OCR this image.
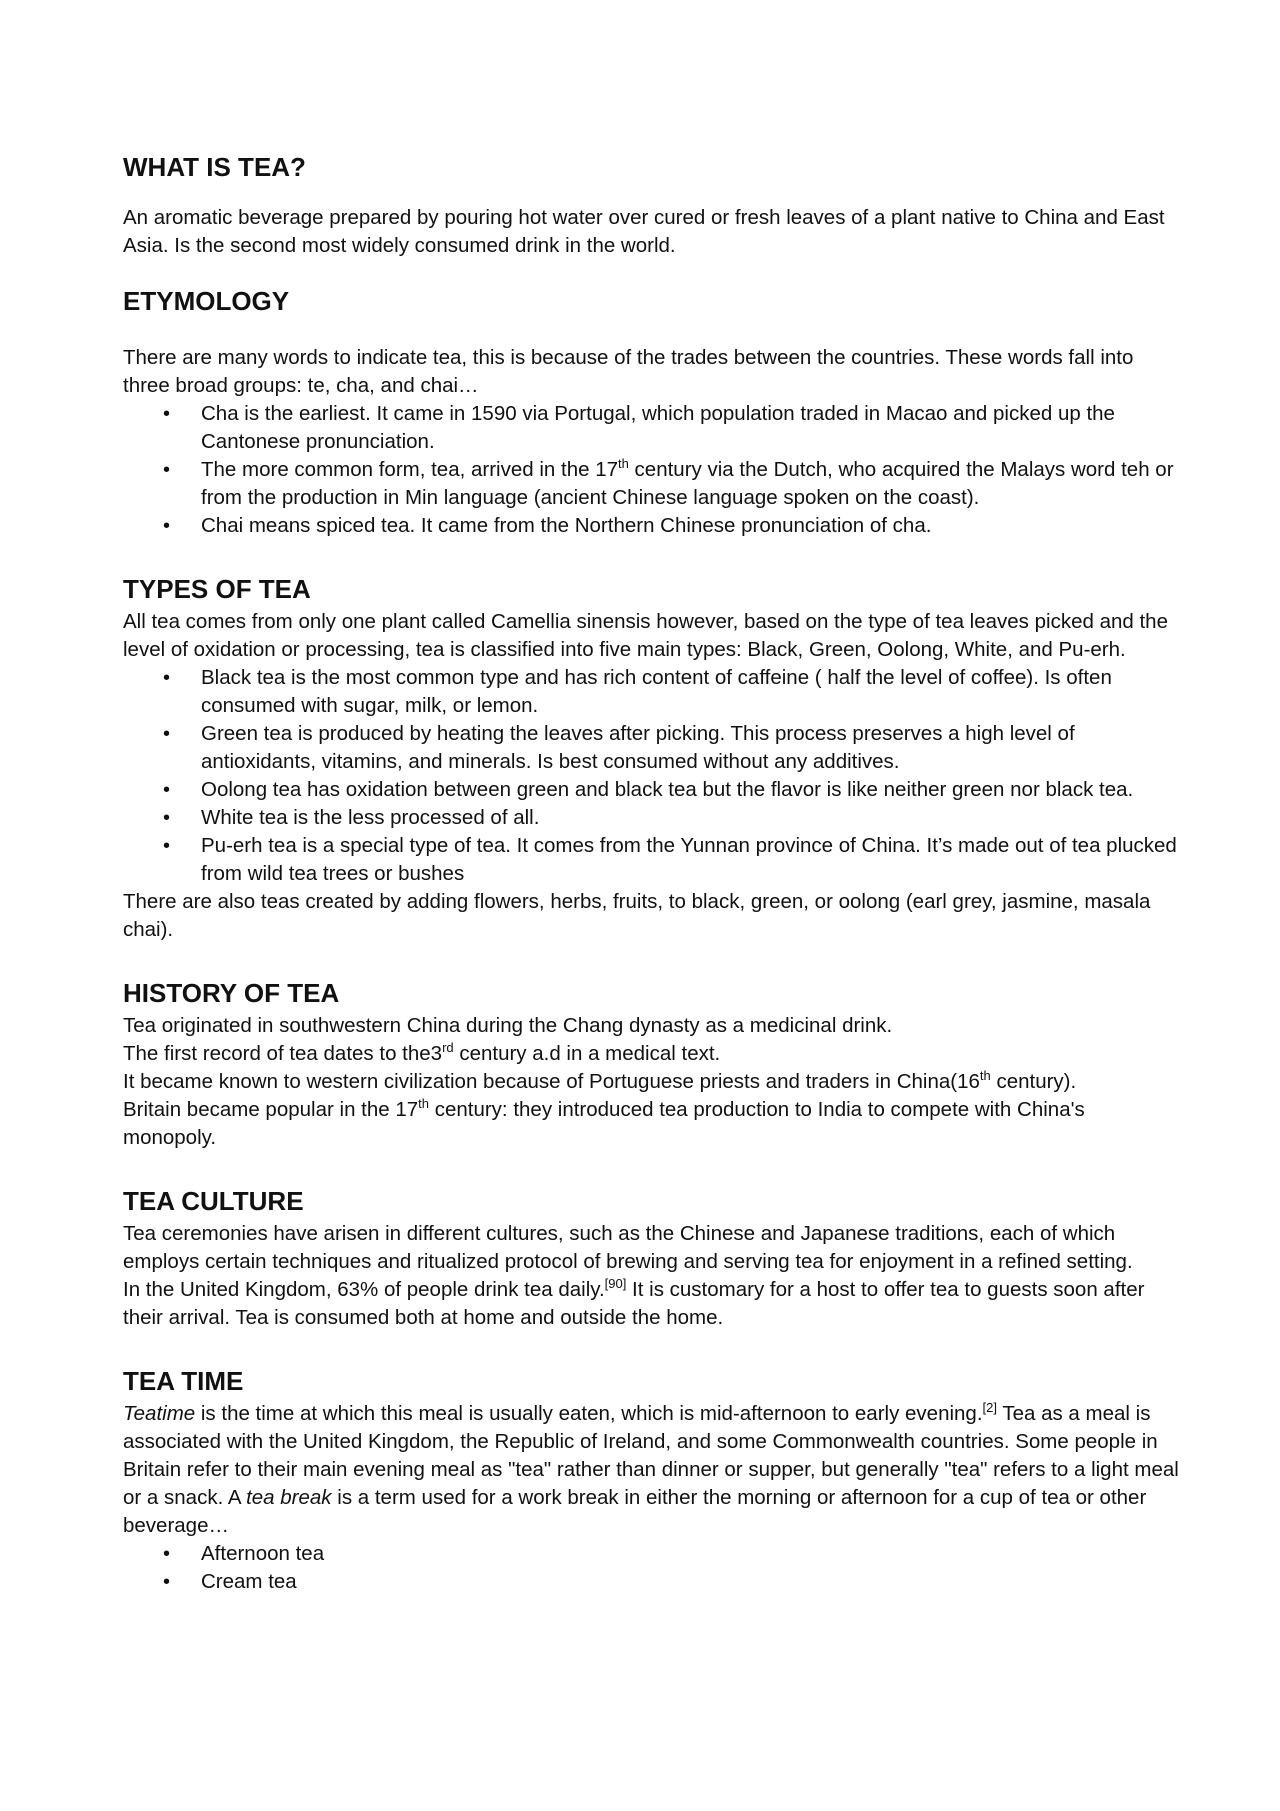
WHAT IS TEA?

An aromatic beverage prepared by pouring hot water over cured or fresh leaves of a plant native to China and East Asia. Is the second most widely consumed drink in the world.

ETYMOLOGY

There are many words to indicate tea, this is because of the trades between the countries. These words fall into three broad groups: te, cha, and chai…

• Cha is the earliest. It came in 1590 via Portugal, which population traded in Macao and picked up the Cantonese pronunciation.
• The more common form, tea, arrived in the 17th century via the Dutch, who acquired the Malays word teh or from the production in Min language (ancient Chinese language spoken on the coast).
• Chai means spiced tea. It came from the Northern Chinese pronunciation of cha.
TYPES OF TEA

All tea comes from only one plant called Camellia sinensis however, based on the type of tea leaves picked and the level of oxidation or processing, tea is classified into five main types: Black, Green, Oolong, White, and Pu-erh.

• Black tea is the most common type and has rich content of caffeine ( half the level of coffee). Is often consumed with sugar, milk, or lemon.
• Green tea is produced by heating the leaves after picking. This process preserves a high level of antioxidants, vitamins, and minerals. Is best consumed without any additives.
• Oolong tea has oxidation between green and black tea but the flavor is like neither green nor black tea.
• White tea is the less processed of all.
• Pu-erh tea is a special type of tea. It comes from the Yunnan province of China. It’s made out of tea plucked from wild tea trees or bushes

There are also teas created by adding flowers, herbs, fruits, to black, green, or oolong (earl grey, jasmine, masala chai).

HISTORY OF TEA

Tea originated in southwestern China during the Chang dynasty as a medicinal drink.

The first record of tea dates to the3rd century a.d in a medical text.

It became known to western civilization because of Portuguese priests and traders in China(16th century).

Britain became popular in the 17th century: they introduced tea production to India to compete with China's monopoly.

TEA CULTURE

Tea ceremonies have arisen in different cultures, such as the Chinese and Japanese traditions, each of which employs certain techniques and ritualized protocol of brewing and serving tea for enjoyment in a refined setting.

In the United Kingdom, 63% of people drink tea daily.[90] It is customary for a host to offer tea to guests soon after their arrival. Tea is consumed both at home and outside the home.

TEA TIME

Teatime is the time at which this meal is usually eaten, which is mid-afternoon to early evening.[2] Tea as a meal is associated with the United Kingdom, the Republic of Ireland, and some Commonwealth countries. Some people in Britain refer to their main evening meal as "tea" rather than dinner or supper, but generally "tea" refers to a light meal or a snack. A tea break is a term used for a work break in either the morning or afternoon for a cup of tea or other beverage…

• Afternoon tea
• Cream tea
